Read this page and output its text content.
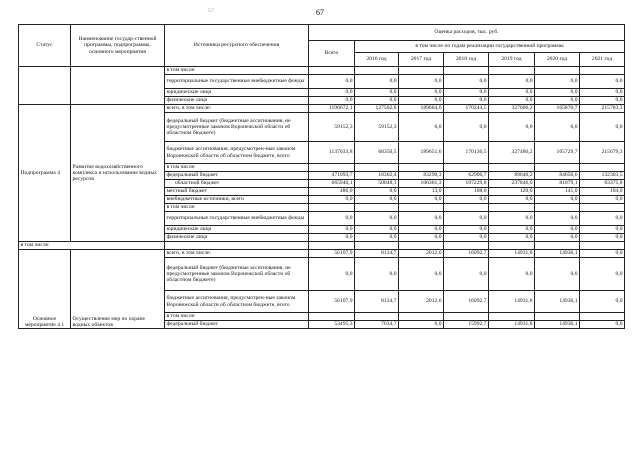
5/7	67
Статус	Наименование государ-ственной программы, подпрограммы, основного мероприятия	Источники ресурсного обеспечения	Оценка расходов, тыс. руб.						
			Всего	в том числе по годам реализации государственной программы					
				2016 год	2017 год	2018 год	2019 год	2020 год	2021 год
		в том числе:							
		территориальные государственные внебюджетные фонды	0,0	0,0	0,0	0,0	0,0	0,0	0,0
		юридические лица	0,0	0,0	0,0	0,0	0,0	0,0	0,0
		физические лица	0,0	0,0	0,0	0,0	0,0	0,0	0,0
Подпрограмма 4	Развитие водохозяйственного комплекса и использование водных ресурсов	всего, в том числе:	1196672,1	127502,8	189664,6	170244,5	327606,2	165870,7	215783,3
		федеральный бюджет (бюджетные ассигнования, не предусмотренные законом Воронежской области об областном бюджете)	59152,3	59152,3	0,0	0,0	0,0	0,0	0,0
		бюджетные ассигнования, предусмотрен-ные законом Воронежской области об областном бюджете, всего	1137033,8	68350,5	189651,6	170136,5	327486,2	165729,7	215679,3
		в том числе:							
		федеральный бюджет	471093,7	18302,4	83290,3	62906,7	89640,2	84650,6	132303,5
		областной бюджет	665940,1	50048,1	106361,3	107229,8	237846,0	81079,1	83375,8
		местный бюджет	486,0	0,0	13,0	108,0	120,0	141,0	104,0
		внебюджетные источники, всего	0,0	0,0	0,0	0,0	0,0	0,0	0,0
		в том числе:							
		территориальные государственные внебюджетные фонды	0,0	0,0	0,0	0,0	0,0	0,0	0,0
		юридические лица	0,0	0,0	0,0	0,0	0,0	0,0	0,0
		физические лица	0,0	0,0	0,0	0,0	0,0	0,0	0,0
в том числе:									
Основное мероприятие 4.1	Осуществление мер по охране водных объектов	всего, в том числе:	56107,9	8134,7	2012,6	16092,7	14931,8	14936,1	0,0
		федеральный бюджет (бюджетные ассигнования, не предусмотренные законом Воронежской области об областном бюджете)	0,0	0,0	0,0	0,0	0,0	0,0	0,0
		бюджетные ассигнования, предусмотрен-ные законом Воронежской области об областном бюджете, всего	56107,9	8134,7	2012,6	16092,7	14931,8	14936,1	0,0
		в том числе:							
		федеральный бюджет	53495,3	7634,7	0,0	15992,7	14931,8	14936,1	0,0
